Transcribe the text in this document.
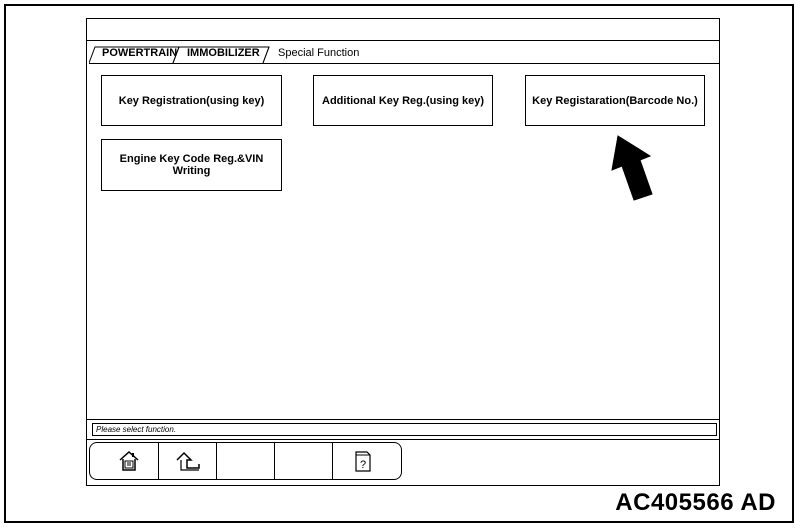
POWERTRAIN IMMOBILIZER Special Function
Key Registration(using key)	Additional Key Reg.(using key)	Key Registaration(Barcode No.)
Engine Key Code Reg.&VIN Writing
Please select function.
?
AC405566 AD
